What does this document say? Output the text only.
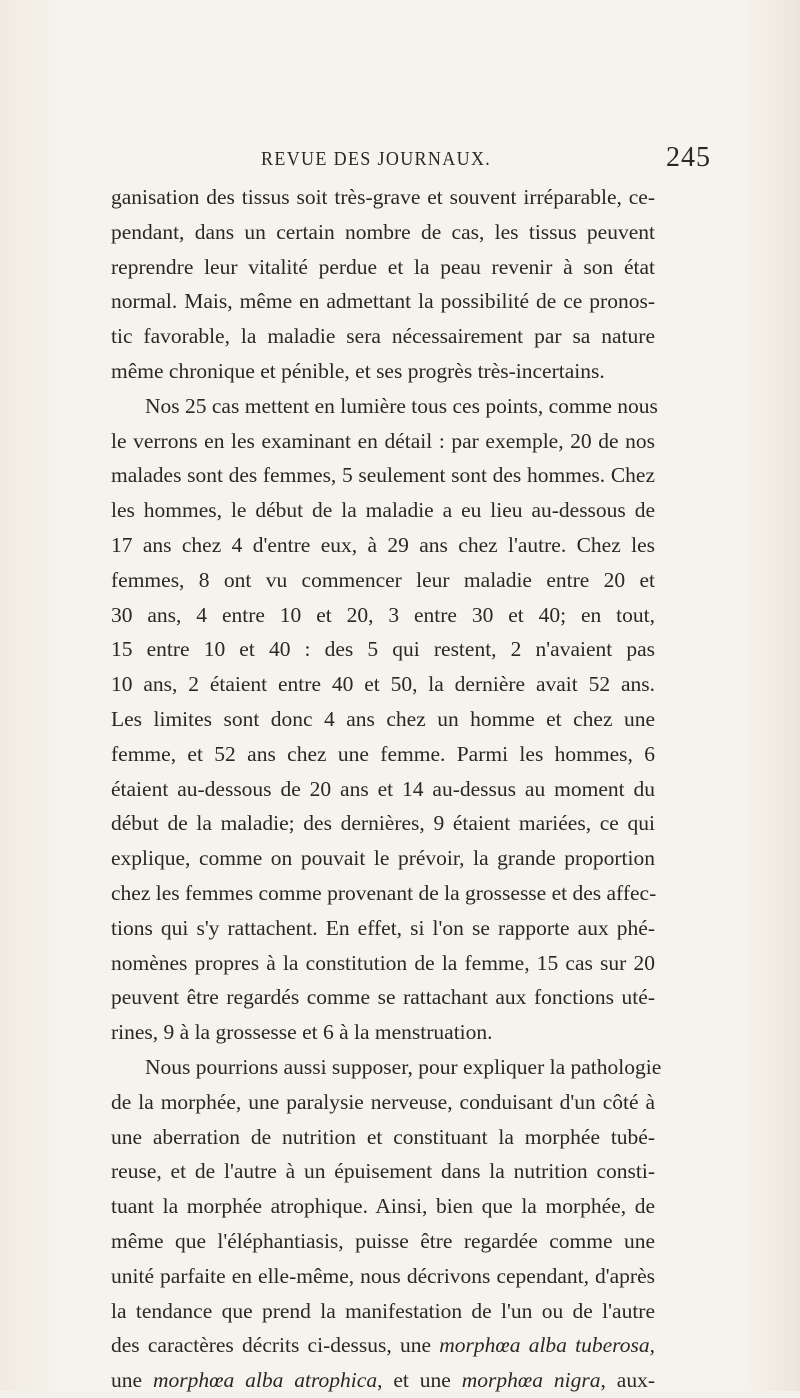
REVUE DES JOURNAUX.	245

ganisation des tissus soit très-grave et souvent irréparable, ce-
pendant, dans un certain nombre de cas, les tissus peuvent
reprendre leur vitalité perdue et la peau revenir à son état
normal. Mais, même en admettant la possibilité de ce pronos-
tic favorable, la maladie sera nécessairement par sa nature
même chronique et pénible, et ses progrès très-incertains.

Nos 25 cas mettent en lumière tous ces points, comme nous
le verrons en les examinant en détail : par exemple, 20 de nos
malades sont des femmes, 5 seulement sont des hommes. Chez
les hommes, le début de la maladie a eu lieu au-dessous de
17 ans chez 4 d'entre eux, à 29 ans chez l'autre. Chez les
femmes, 8 ont vu commencer leur maladie entre 20 et
30 ans, 4 entre 10 et 20, 3 entre 30 et 40; en tout,
15 entre 10 et 40 : des 5 qui restent, 2 n'avaient pas
10 ans, 2 étaient entre 40 et 50, la dernière avait 52 ans.
Les limites sont donc 4 ans chez un homme et chez une
femme, et 52 ans chez une femme. Parmi les hommes, 6
étaient au-dessous de 20 ans et 14 au-dessus au moment du
début de la maladie; des dernières, 9 étaient mariées, ce qui
explique, comme on pouvait le prévoir, la grande proportion
chez les femmes comme provenant de la grossesse et des affec-
tions qui s'y rattachent. En effet, si l'on se rapporte aux phé-
nomènes propres à la constitution de la femme, 15 cas sur 20
peuvent être regardés comme se rattachant aux fonctions uté-
rines, 9 à la grossesse et 6 à la menstruation.

Nous pourrions aussi supposer, pour expliquer la pathologie
de la morphée, une paralysie nerveuse, conduisant d'un côté à
une aberration de nutrition et constituant la morphée tubé-
reuse, et de l'autre à un épuisement dans la nutrition consti-
tuant la morphée atrophique. Ainsi, bien que la morphée, de
même que l'éléphantiasis, puisse être regardée comme une
unité parfaite en elle-même, nous décrivons cependant, d'après
la tendance que prend la manifestation de l'un ou de l'autre
des caractères décrits ci-dessus, une morphœa alba tuberosa,
une morphœa alba atrophica, et une morphœa nigra, aux-
